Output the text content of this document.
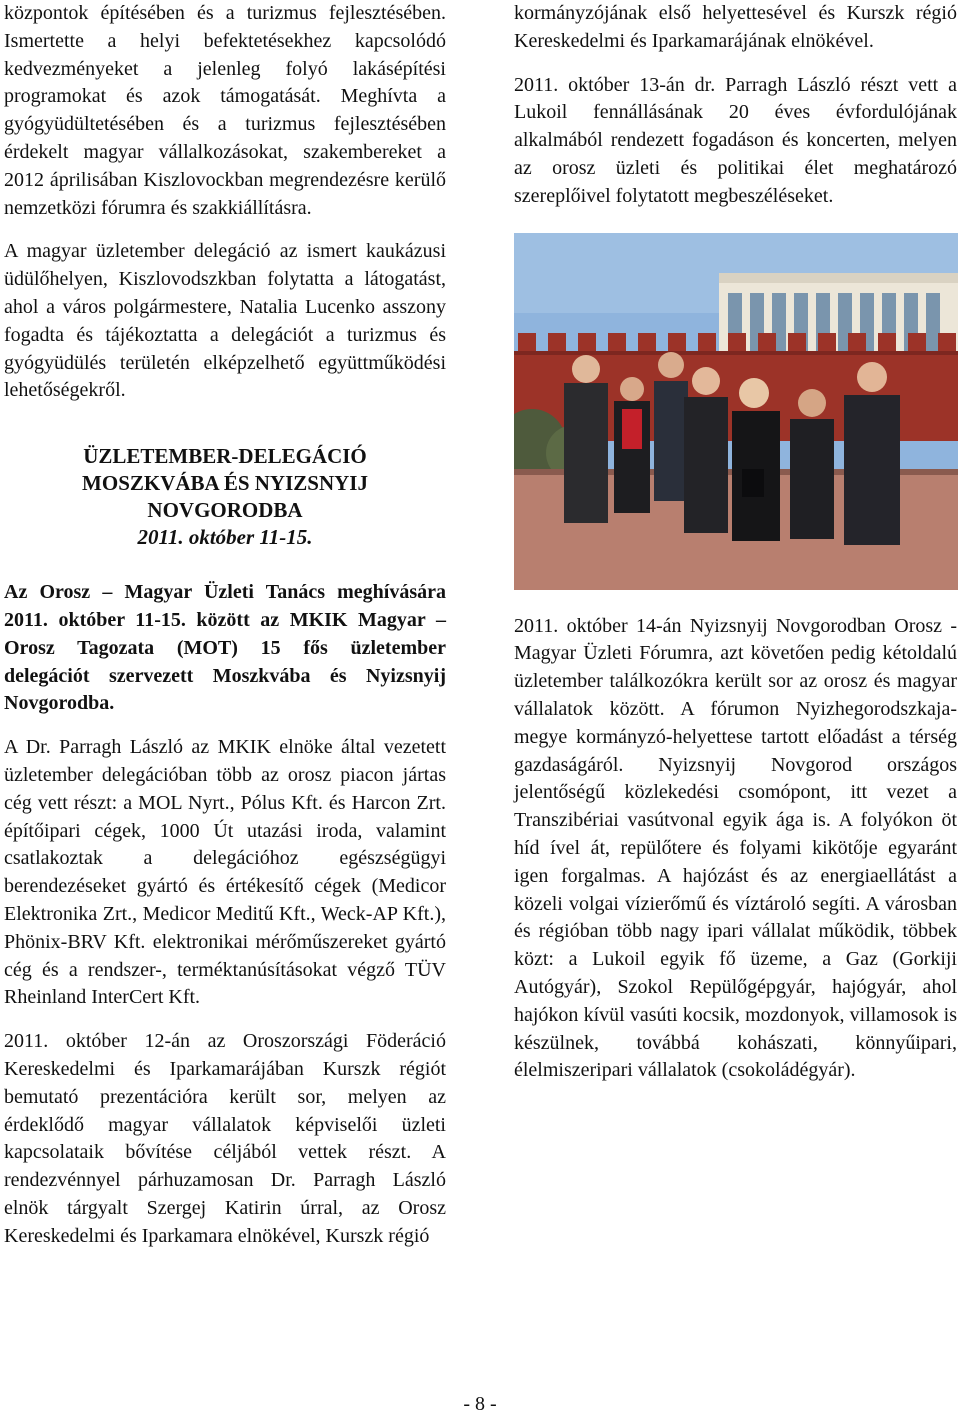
központok építésében és a turizmus fejlesztésében. Ismertette a helyi befektetésekhez kapcsolódó kedvezményeket a jelenleg folyó lakásépítési programokat és azok támogatását. Meghívta a gyógyüdültetésében és a turizmus fejlesztésében érdekelt magyar vállalkozásokat, szakembereket a 2012 áprilisában Kiszlovockban megrendezésre kerülő nemzetközi fórumra és szakkiállításra.

A magyar üzletember delegáció az ismert kaukázusi üdülőhelyen, Kiszlovodszkban folytatta a látogatást, ahol a város polgármestere, Natalia Lucenko asszony fogadta és tájékoztatta a delegációt a turizmus és gyógyüdülés területén elképzelhető együttműködési lehetőségekről.

ÜZLETEMBER-DELEGÁCIÓ
MOSZKVÁBA ÉS NYIZSNYIJ
NOVGORODBA
2011. október 11-15.

Az Orosz – Magyar Üzleti Tanács meghívására 2011. október 11-15. között az MKIK Magyar – Orosz Tagozata (MOT) 15 fős üzletember delegációt szervezett Moszkvába és Nyizsnyij Novgorodba.

A Dr. Parragh László az MKIK elnöke által vezetett üzletember delegációban több az orosz piacon jártas cég vett részt: a MOL Nyrt., Pólus Kft. és Harcon Zrt. építőipari cégek, 1000 Út utazási iroda, valamint csatlakoztak a delegációhoz egészségügyi berendezéseket gyártó és értékesítő cégek (Medicor Elektronika Zrt., Medicor Meditű Kft., Weck-AP Kft.), Phönix-BRV Kft. elektronikai mérőműszereket gyártó cég és a rendszer-, terméktanúsításokat végző TÜV Rheinland InterCert Kft.

2011. október 12-án az Oroszországi Föderáció Kereskedelmi és Iparkamarájában Kurszk régiót bemutató prezentációra került sor, melyen az érdeklődő magyar vállalatok képviselői üzleti kapcsolataik bővítése céljából vettek részt. A rendezvénnyel párhuzamosan Dr. Parragh László elnök tárgyalt Szergej Katirin úrral, az Orosz Kereskedelmi és Iparkamara elnökével, Kurszk régió

kormányzójának első helyettesével és Kurszk régió Kereskedelmi és Iparkamarájának elnökével.

2011. október 13-án dr. Parragh László részt vett a Lukoil fennállásának 20 éves évfordulójának alkalmából rendezett fogadáson és koncerten, melyen az orosz üzleti és politikai élet meghatározó szereplőivel folytatott megbeszéléseket.

2011. október 14-án Nyizsnyij Novgorodban Orosz - Magyar Üzleti Fórumra, azt követően pedig kétoldalú üzletember találkozókra került sor az orosz és magyar vállalatok között. A fórumon Nyizhegorodszkaja-megye kormányzó-helyettese tartott előadást a térség gazdaságáról. Nyizsnyij Novgorod országos jelentőségű közlekedési csomópont, itt vezet a Transzibériai vasútvonal egyik ága is. A folyókon öt híd ível át, repülőtere és folyami kikötője egyaránt igen forgalmas. A hajózást és az energiaellátást a közeli volgai vízierőmű és víztároló segíti. A városban és régióban több nagy ipari vállalat működik, többek közt: a Lukoil egyik fő üzeme, a Gaz (Gorkiji Autógyár), Szokol Repülőgépgyár, hajógyár, ahol hajókon kívül vasúti kocsik, mozdonyok, villamosok is készülnek, továbbá kohászati, könnyűipari, élelmiszeripari vállalatok (csokoládégyár).

- 8 -
